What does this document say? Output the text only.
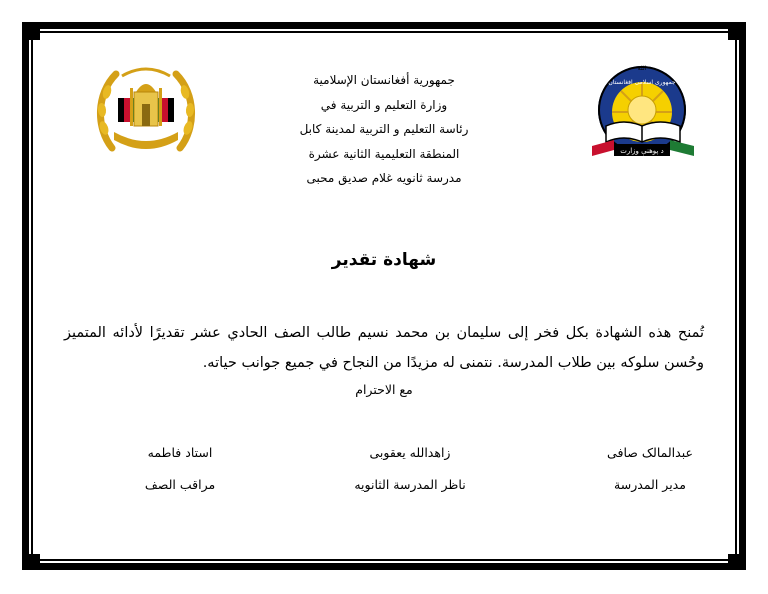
د پوهنې وزارت
جمهوری اسلامی افغانستان
الله
جمهوریة أفغانستان الإسلامیة
وزارة التعلیم و التربیة في
رئاسة التعلیم و التربیة لمدینة کابل
المنطقة التعلیمیة الثانیة عشرة
مدرسة ثانویه غلام صدیق محبی
شهادة تقدير
تُمنح هذه الشهادة بكل فخر إلى سليمان بن محمد نسيم طالب الصف الحادي عشر تقديرًا لأدائه المتميز وحُسن سلوكه بين طلاب المدرسة. نتمنى له مزيدًا من النجاح في جميع جوانب حياته.
مع الاحترام
عبدالمالک صافی
مدیر المدرسة
زاهدالله یعقوبی
ناظر المدرسة الثانویه
استاد فاطمه
مراقب الصف
